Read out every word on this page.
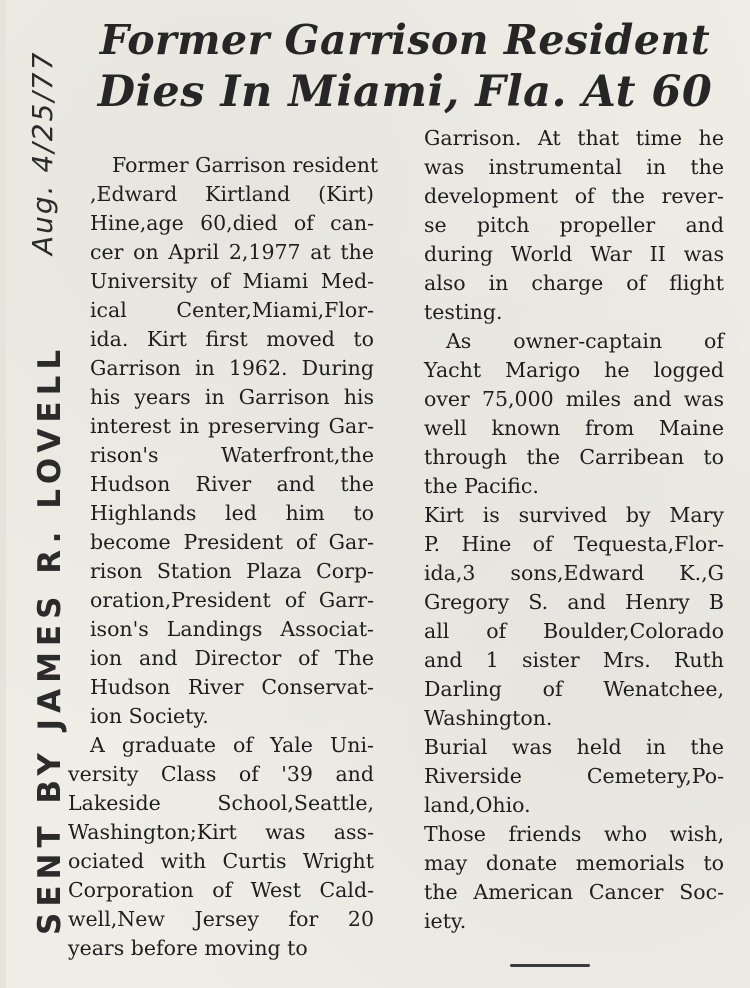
Former Garrison Resident
Dies In Miami, Fla. At 60
Aug. 4/25/77
SENT BY JAMES R. LOVELL

Former Garrison resident
,Edward Kirtland (Kirt)
Hine,age 60,died of can-
cer on April 2,1977 at the
University of Miami Med-
ical Center,Miami,Flor-
ida. Kirt first moved to
Garrison in 1962. During
his years in Garrison his
interest in preserving Gar-
rison's Waterfront,the
Hudson River and the
Highlands led him to
become President of Gar-
rison Station Plaza Corp-
oration,President of Garr-
ison's Landings Associat-
ion and Director of The
Hudson River Conservat-
ion Society.

A graduate of Yale Uni-
versity Class of '39 and
Lakeside School,Seattle,
Washington;Kirt was ass-
ociated with Curtis Wright
Corporation of West Cald-
well,New Jersey for 20
years before moving to

Garrison. At that time he
was instrumental in the
development of the rever-
se pitch propeller and
during World War II was
also in charge of flight
testing.

As owner-captain of
Yacht Marigo he logged
over 75,000 miles and was
well known from Maine
through the Carribean to
the Pacific.

Kirt is survived by Mary
P. Hine of Tequesta,Flor-
ida,3 sons,Edward K.,G
Gregory S. and Henry B
all of Boulder,Colorado
and 1 sister Mrs. Ruth
Darling of Wenatchee,
Washington.

Burial was held in the
Riverside Cemetery,Po-
land,Ohio.

Those friends who wish,
may donate memorials to
the American Cancer Soc-
iety.
